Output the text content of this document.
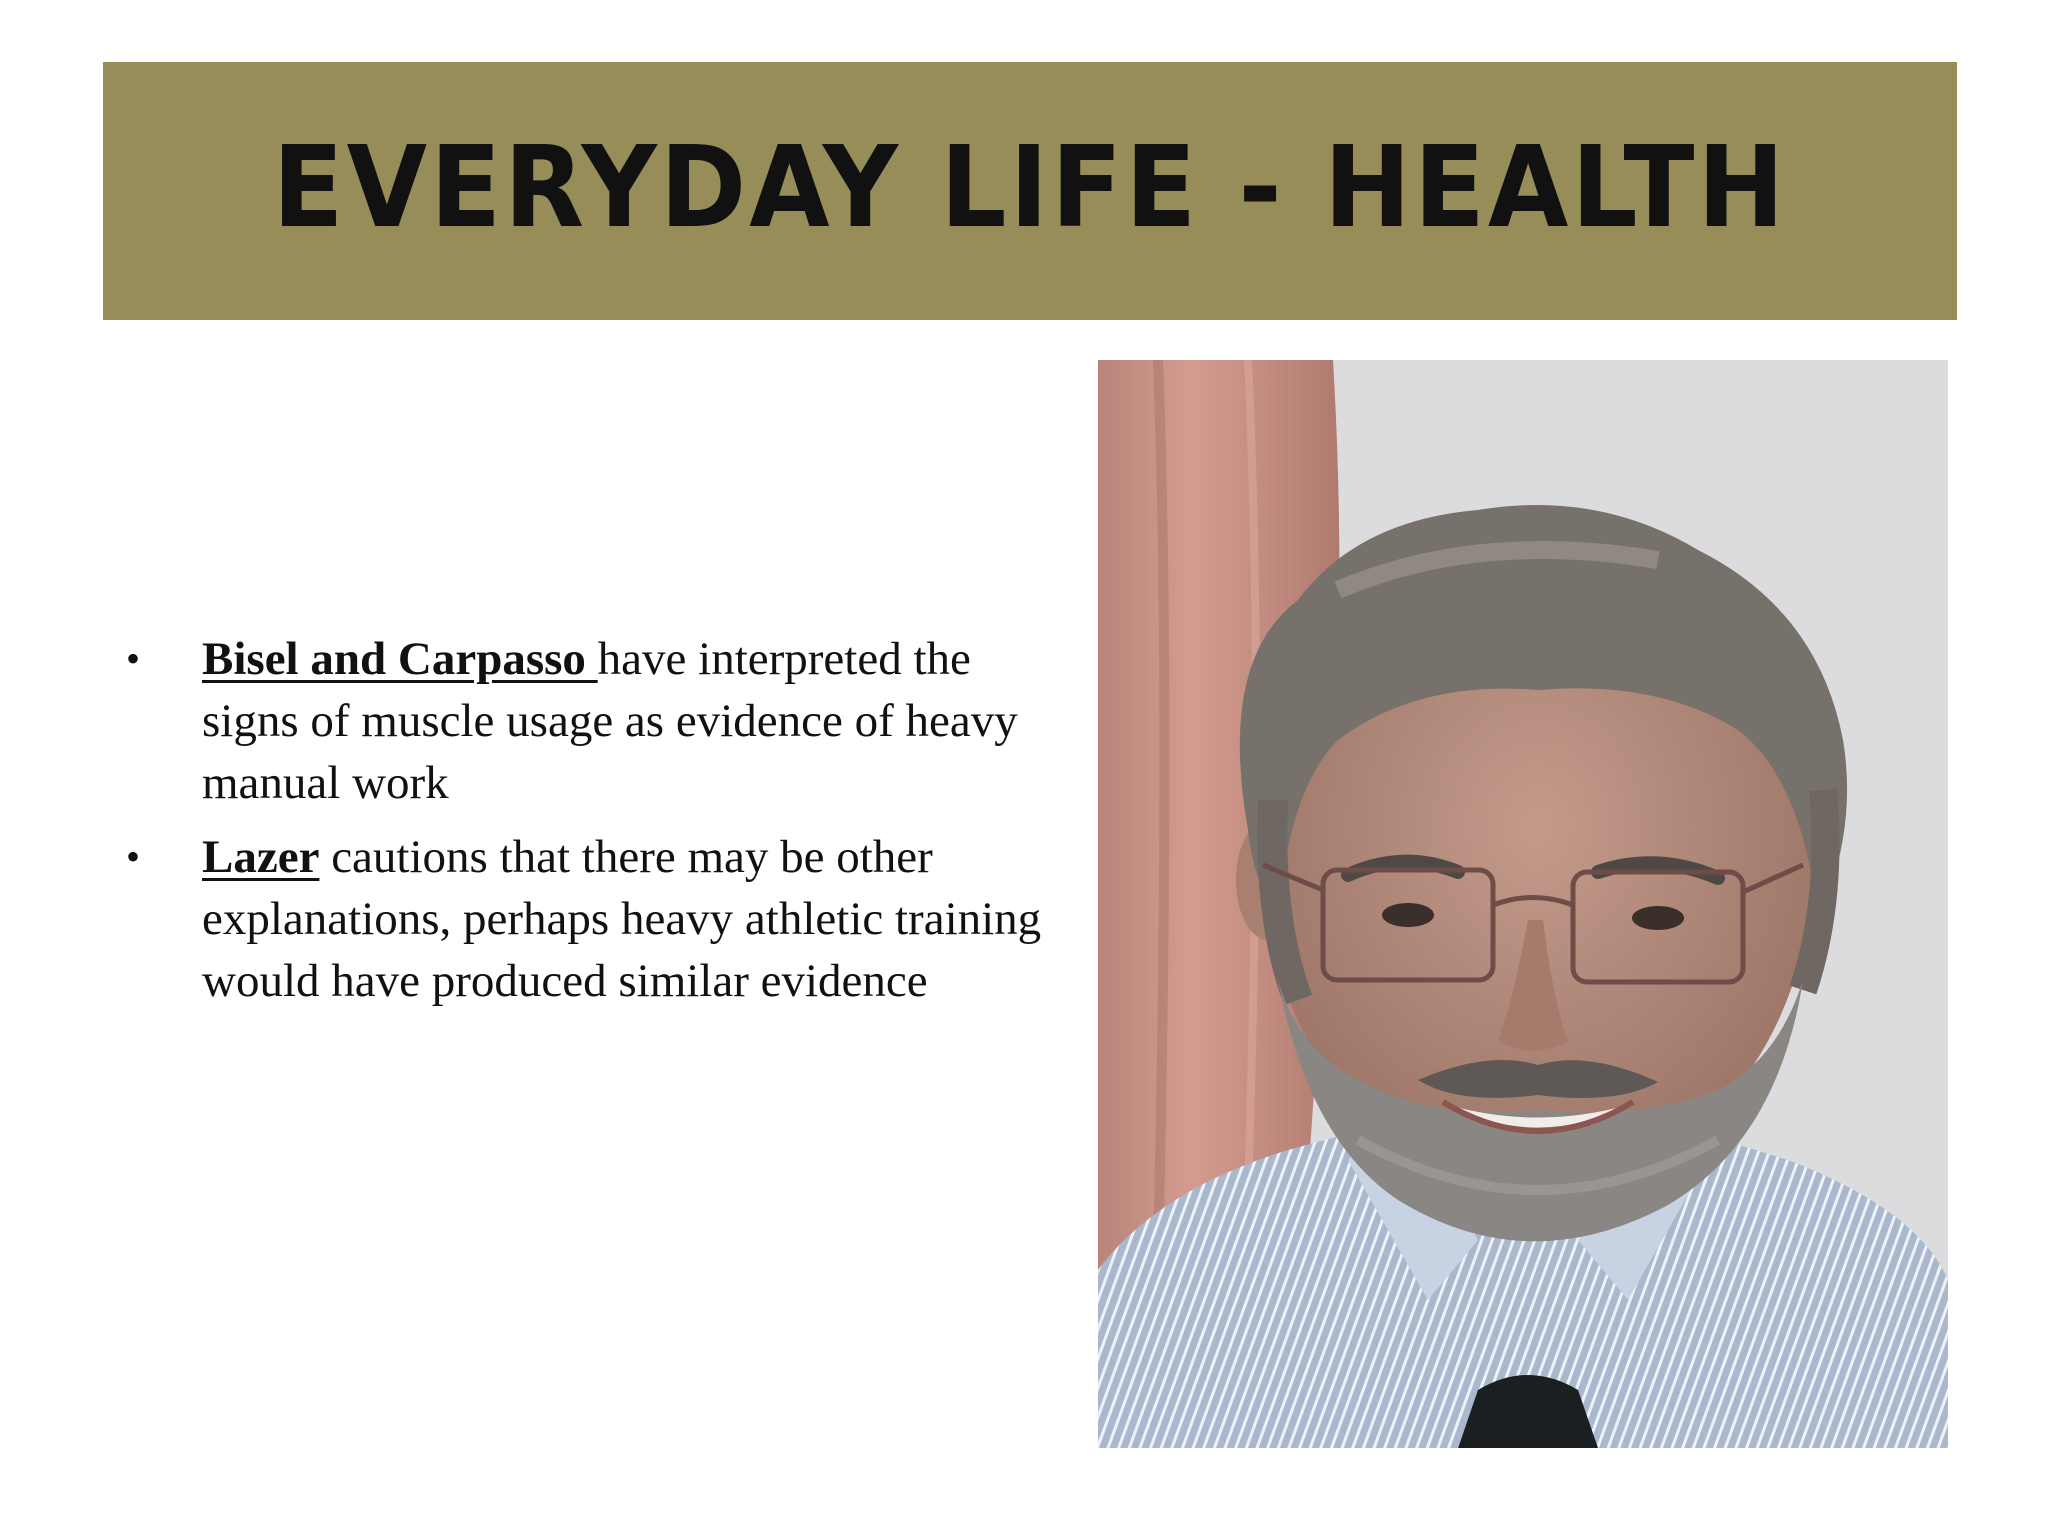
EVERYDAY LIFE - HEALTH
• Bisel and Carpasso have interpreted the signs of muscle usage as evidence of heavy manual work
• Lazer cautions that there may be other explanations, perhaps heavy athletic training would have produced similar evidence
